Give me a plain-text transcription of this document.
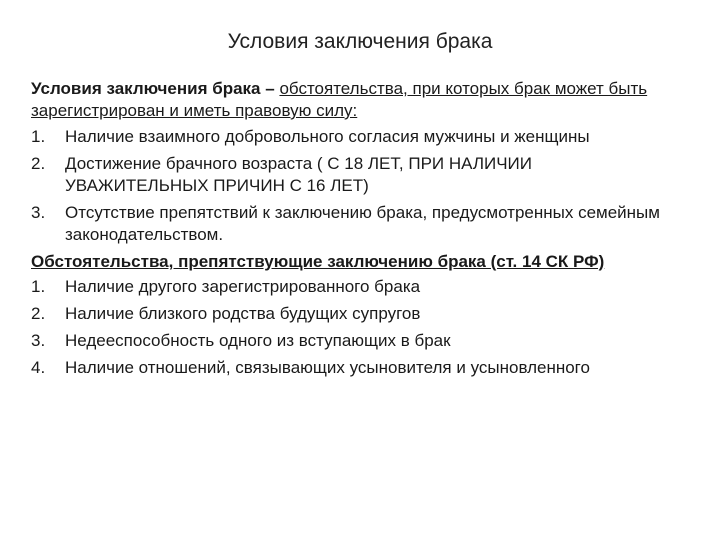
Условия заключения брака
Условия заключения брака – обстоятельства, при которых брак может быть зарегистрирован и иметь правовую силу:
1.	Наличие взаимного добровольного согласия мужчины и женщины
2.	Достижение брачного возраста ( С 18 ЛЕТ, ПРИ НАЛИЧИИ УВАЖИТЕЛЬНЫХ ПРИЧИН С 16 ЛЕТ)
3.	Отсутствие препятствий к заключению брака, предусмотренных семейным законодательством.
Обстоятельства, препятствующие заключению брака (ст. 14 СК РФ)
1.	Наличие другого зарегистрированного брака
2.	Наличие близкого родства будущих супругов
3.	Недееспособность одного из вступающих в брак
4.	Наличие отношений, связывающих усыновителя и усыновленного
